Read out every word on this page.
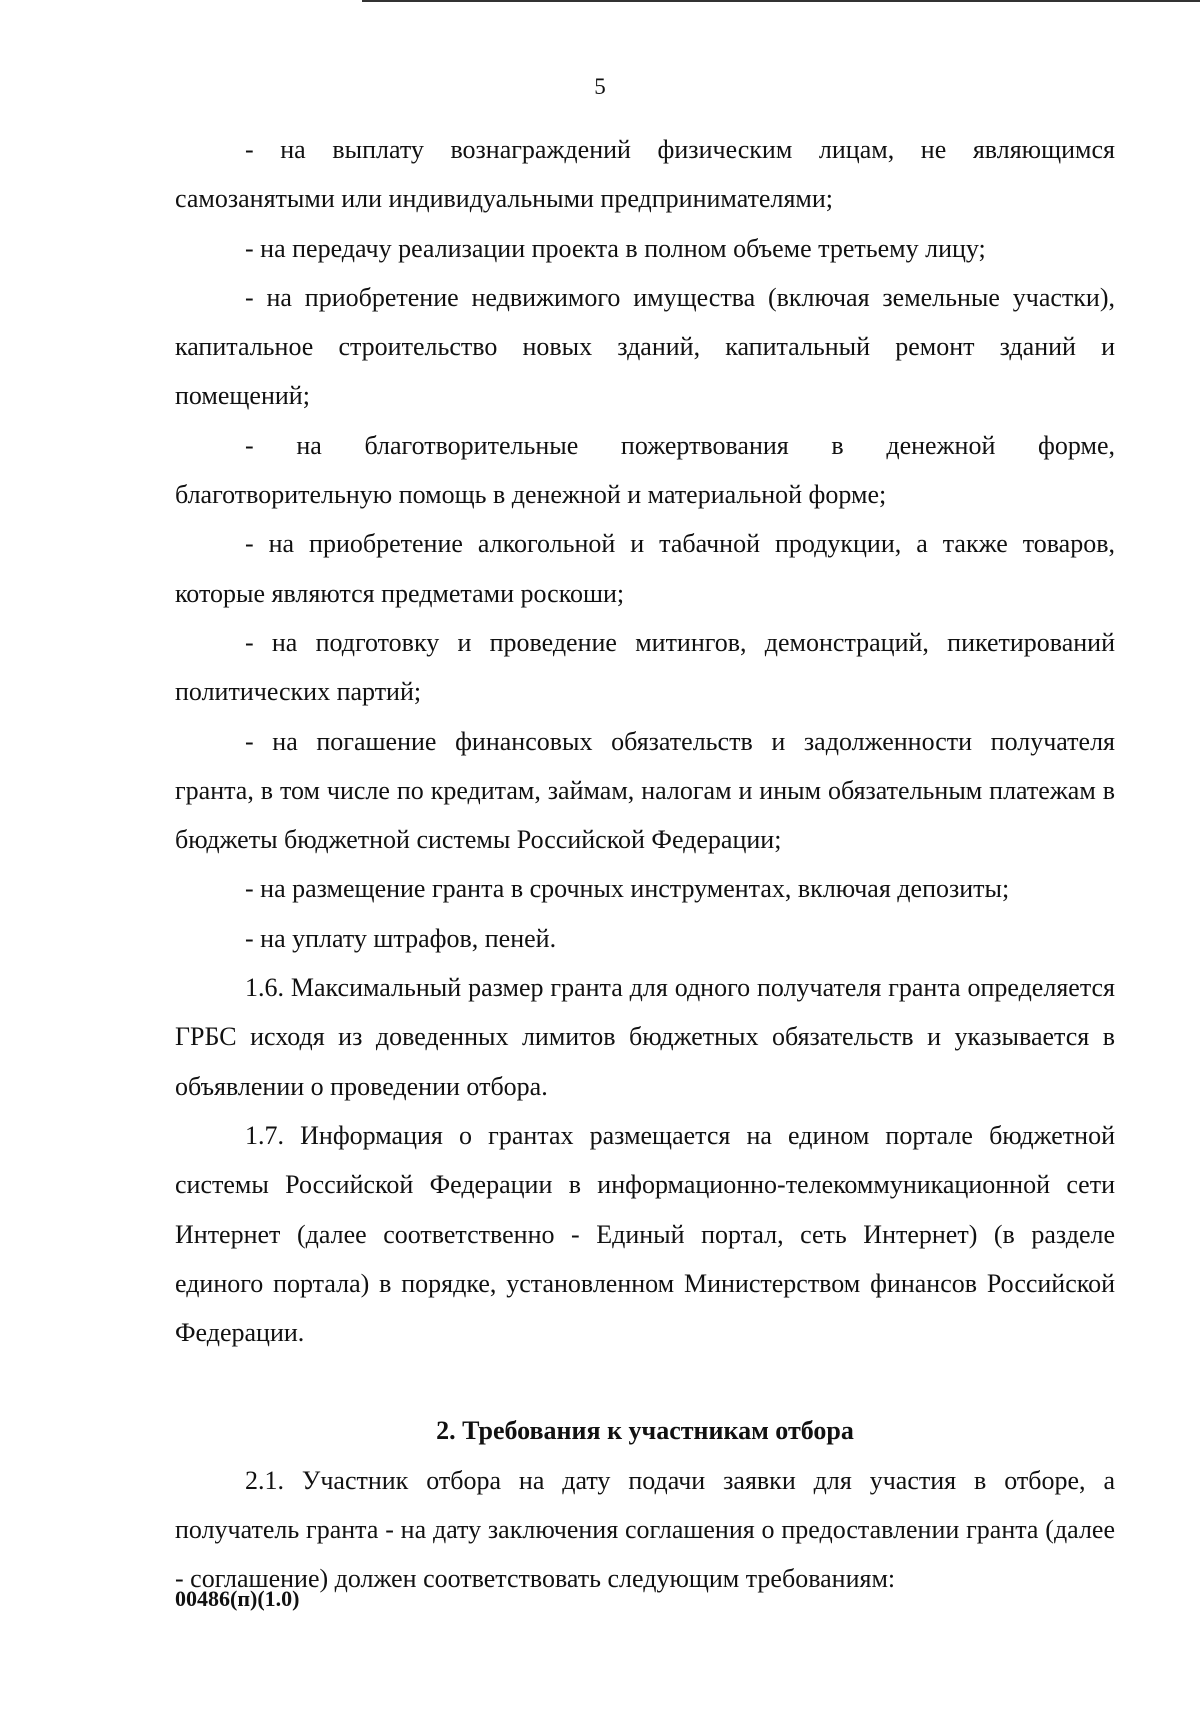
5

- на выплату вознаграждений физическим лицам, не являющимся самозанятыми или индивидуальными предпринимателями;

- на передачу реализации проекта в полном объеме третьему лицу;

- на приобретение недвижимого имущества (включая земельные участки), капитальное строительство новых зданий, капитальный ремонт зданий и помещений;

- на благотворительные пожертвования в денежной форме, благотворительную помощь в денежной и материальной форме;

- на приобретение алкогольной и табачной продукции, а также товаров, которые являются предметами роскоши;

- на подготовку и проведение митингов, демонстраций, пикетирований политических партий;

- на погашение финансовых обязательств и задолженности получателя гранта, в том числе по кредитам, займам, налогам и иным обязательным платежам в бюджеты бюджетной системы Российской Федерации;

- на размещение гранта в срочных инструментах, включая депозиты;

- на уплату штрафов, пеней.

1.6. Максимальный размер гранта для одного получателя гранта определяется ГРБС исходя из доведенных лимитов бюджетных обязательств и указывается в объявлении о проведении отбора.

1.7. Информация о грантах размещается на едином портале бюджетной системы Российской Федерации в информационно-телекоммуникационной сети Интернет (далее соответственно - Единый портал, сеть Интернет) (в разделе единого портала) в порядке, установленном Министерством финансов Российской Федерации.

2. Требования к участникам отбора

2.1. Участник отбора на дату подачи заявки для участия в отборе, а получатель гранта - на дату заключения соглашения о предоставлении гранта (далее - соглашение) должен соответствовать следующим требованиям:

00486(п)(1.0)
